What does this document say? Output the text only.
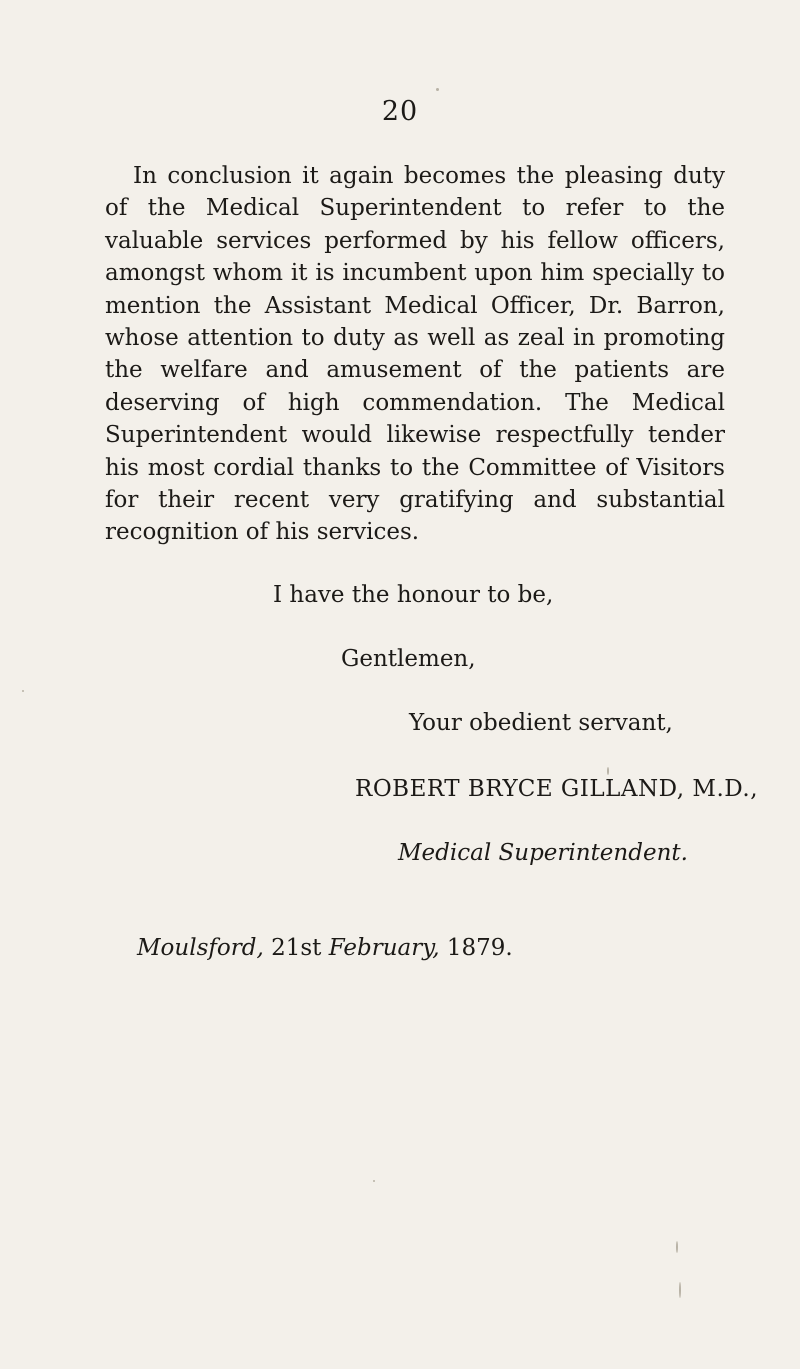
20

In conclusion it again becomes the pleasing duty of the Medical Superintendent to refer to the valuable services performed by his fellow officers, amongst whom it is incumbent upon him specially to mention the Assistant Medical Officer, Dr. Barron, whose attention to duty as well as zeal in promoting the welfare and amusement of the patients are deserving of high commendation. The Medical Superintendent would likewise respectfully tender his most cordial thanks to the Committee of Visitors for their recent very gratifying and substantial recognition of his services.

I have the honour to be,
Gentlemen,
Your obedient servant,
ROBERT BRYCE GILLAND, M.D.,
Medical Superintendent.
Moulsford, 21st February, 1879.
